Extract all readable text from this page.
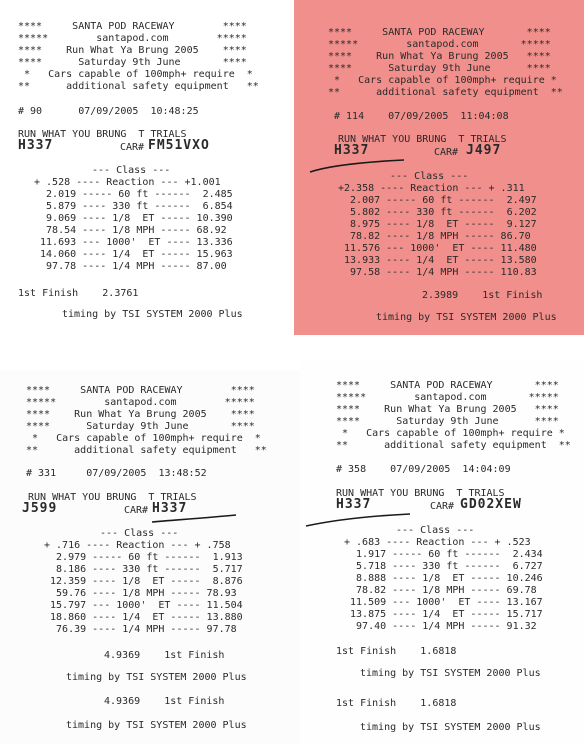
****     SANTA POD RACEWAY        ****
*****        santapod.com        *****
****    Run What Ya Brung 2005    ****
****      Saturday 9th June       ****
*   Cars capable of 100mph+ require  *
**      additional safety equipment   **
# 90      07/09/2005  10:48:25
RUN WHAT YOU BRUNG  T TRIALS
H337	CAR# FM51VXO
--- Class ---
+ .528 ---- Reaction --- +1.001
2.019 ----- 60 ft ------  2.485
5.879 ---- 330 ft ------  6.854
9.069 ---- 1/8  ET ----- 10.390
78.54 ---- 1/8 MPH ----- 68.92
11.693 --- 1000'  ET ---- 13.336
14.060 ---- 1/4  ET ----- 15.963
97.78 ---- 1/4 MPH ----- 87.00
1st Finish    2.3761
timing by TSI SYSTEM 2000 Plus
****     SANTA POD RACEWAY       ****
*****        santapod.com       *****
****    Run What Ya Brung 2005   ****
****      Saturday 9th June      ****
*   Cars capable of 100mph+ require *
**      additional safety equipment  **
# 114    07/09/2005  11:04:08
RUN WHAT YOU BRUNG  T TRIALS
H337	CAR# J497
--- Class ---
+2.358 ---- Reaction --- + .311
2.007 ----- 60 ft ------  2.497
5.802 ---- 330 ft ------  6.202
8.975 ---- 1/8  ET -----  9.127
78.82 ---- 1/8 MPH ----- 86.70
11.576 --- 1000'  ET ---- 11.480
13.933 ---- 1/4  ET ----- 13.580
97.58 ---- 1/4 MPH ----- 110.83
2.3989    1st Finish
timing by TSI SYSTEM 2000 Plus
****     SANTA POD RACEWAY        ****
*****        santapod.com        *****
****    Run What Ya Brung 2005    ****
****      Saturday 9th June       ****
*   Cars capable of 100mph+ require  *
**      additional safety equipment   **
# 331     07/09/2005  13:48:52
RUN WHAT YOU BRUNG  T TRIALS
J599	CAR# H337
--- Class ---
+ .716 ---- Reaction --- + .758
2.979 ----- 60 ft ------  1.913
8.186 ---- 330 ft ------  5.717
12.359 ---- 1/8  ET -----  8.876
59.76 ---- 1/8 MPH ----- 78.93
15.797 --- 1000'  ET ---- 11.504
18.860 ---- 1/4  ET ----- 13.880
76.39 ---- 1/4 MPH ----- 97.78
4.9369    1st Finish
timing by TSI SYSTEM 2000 Plus
4.9369    1st Finish
timing by TSI SYSTEM 2000 Plus
****     SANTA POD RACEWAY       ****
*****        santapod.com       *****
****    Run What Ya Brung 2005   ****
****      Saturday 9th June      ****
*   Cars capable of 100mph+ require *
**      additional safety equipment  **
# 358    07/09/2005  14:04:09
RUN WHAT YOU BRUNG  T TRIALS
H337	CAR# GD02XEW
--- Class ---
+ .683 ---- Reaction --- + .523
1.917 ----- 60 ft ------  2.434
5.718 ---- 330 ft ------  6.727
8.888 ---- 1/8  ET ----- 10.246
78.82 ---- 1/8 MPH ----- 69.78
11.509 --- 1000'  ET ---- 13.167
13.875 ---- 1/4  ET ----- 15.717
97.40 ---- 1/4 MPH ----- 91.32
1st Finish    1.6818
timing by TSI SYSTEM 2000 Plus
1st Finish    1.6818
timing by TSI SYSTEM 2000 Plus
